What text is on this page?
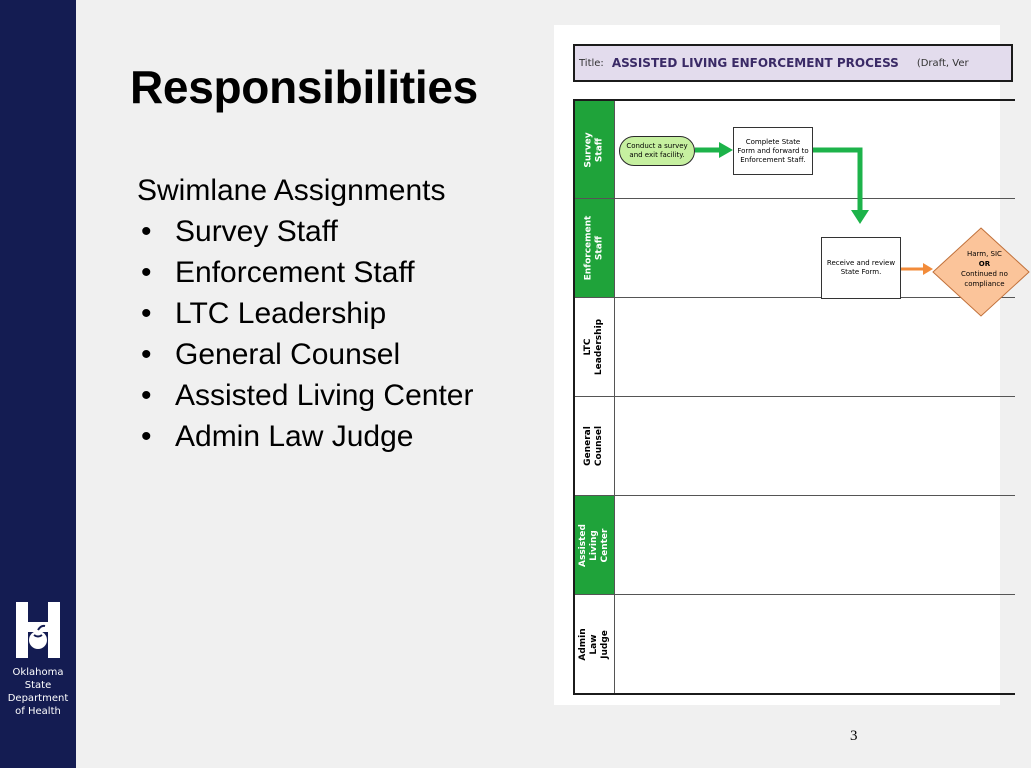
Oklahoma
State
Department
of Health
Responsibilities
Swimlane Assignments
• Survey Staff
• Enforcement Staff
• LTC Leadership
• General Counsel
• Assisted Living Center
• Admin Law Judge
Title: ASSISTED LIVING ENFORCEMENT PROCESS (Draft, Ver
Survey Staff
Enforcement
Staff
LTC Leadership
General Counsel
Assisted Living
Center
Admin Law
Judge
Conduct a survey
and exit facility.
Complete State
Form and forward to
Enforcement Staff.
Receive and review
State Form.
Harm, SIC
OR
Continued no
compliance
3
